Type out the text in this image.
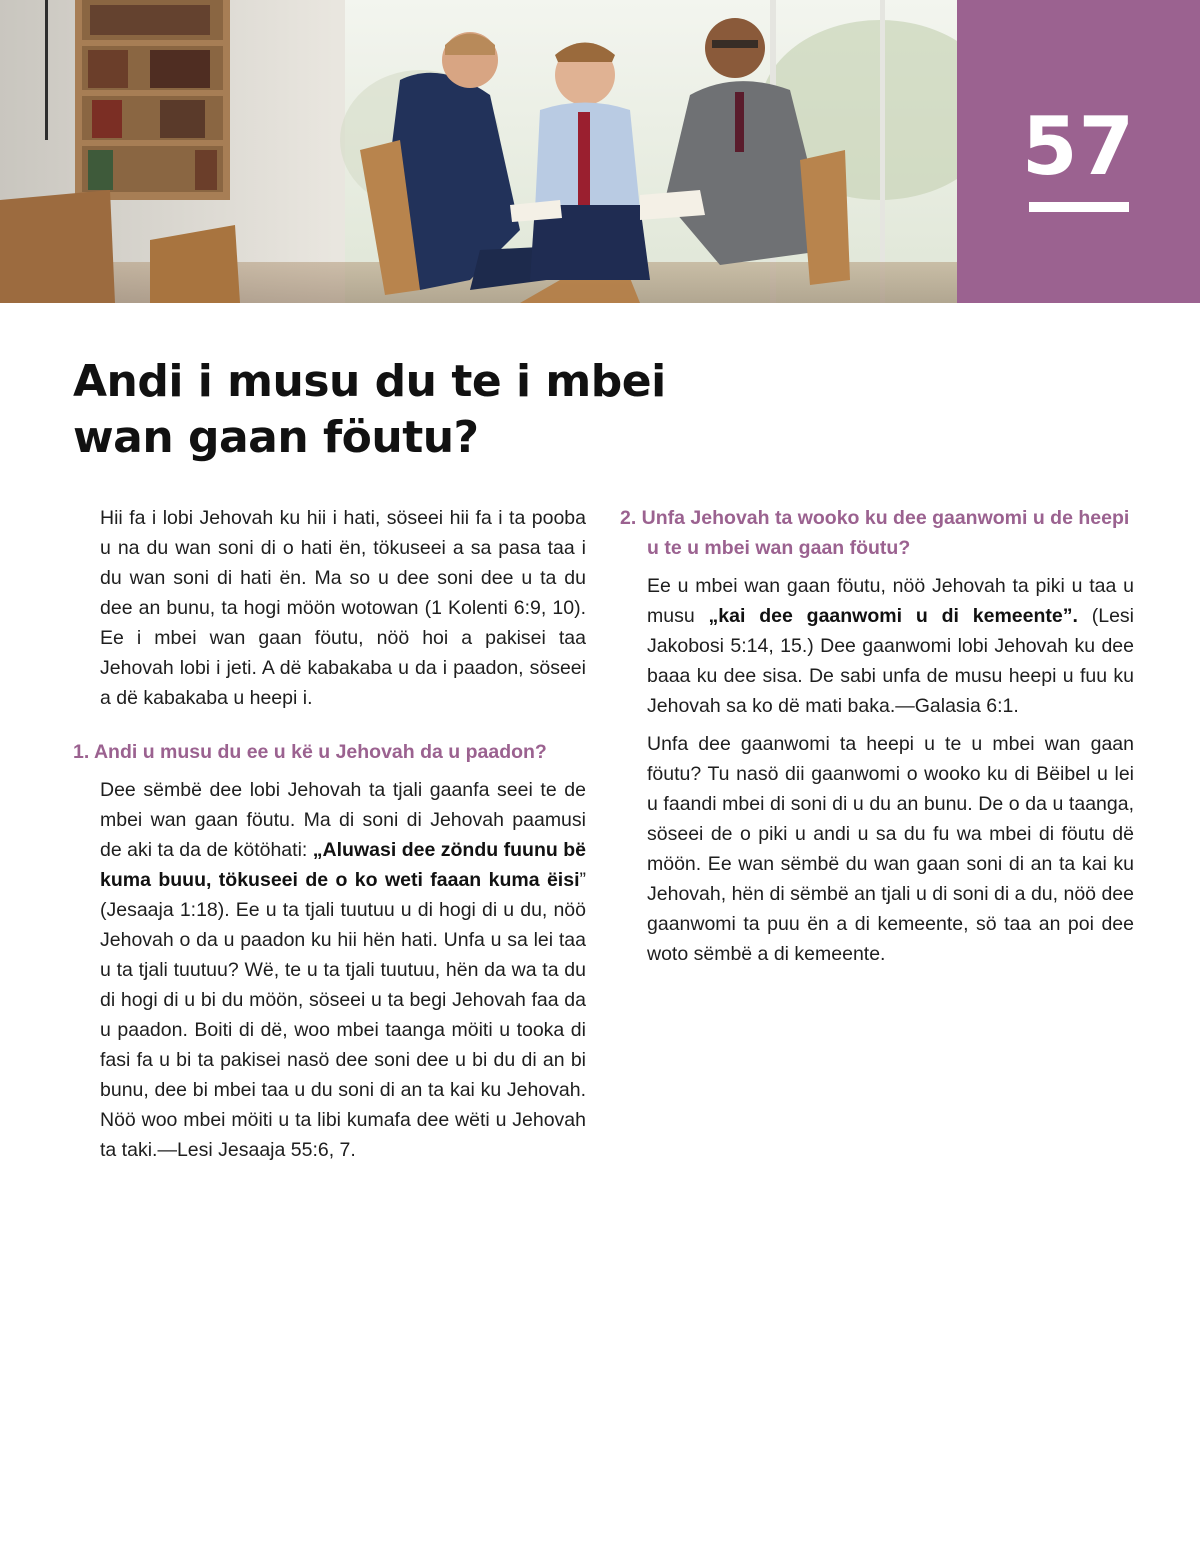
57
Andi i musu du te i mbei
wan gaan föutu?

Hii fa i lobi Jehovah ku hii i hati, söseei hii fa i ta pooba u na du wan soni di o hati ën, tökuseei a sa pasa taa i du wan soni di hati ën. Ma so u dee soni dee u ta du dee an bunu, ta hogi möön wotowan (1 Kolenti 6:9, 10). Ee i mbei wan gaan föutu, nöö hoi a pakisei taa Jehovah lobi i jeti. A dë kabakaba u da i paadon, söseei a dë kabakaba u heepi i.

1. Andi u musu du ee u kë u Jehovah da u paadon?

Dee sëmbë dee lobi Jehovah ta tjali gaanfa seei te de mbei wan gaan föutu. Ma di soni di Jehovah paamusi de aki ta da de kötöhati: „Aluwasi dee zöndu fuunu bë kuma buuu, tökuseei de o ko weti faaan kuma ëisi” (Jesaaja 1:18). Ee u ta tjali tuutuu u di hogi di u du, nöö Jehovah o da u paadon ku hii hën hati. Unfa u sa lei taa u ta tjali tuutuu? Wë, te u ta tjali tuutuu, hën da wa ta du di hogi di u bi du möön, söseei u ta begi Jehovah faa da u paadon. Boiti di dë, woo mbei taanga möiti u tooka di fasi fa u bi ta pakisei nasö dee soni dee u bi du di an bi bunu, dee bi mbei taa u du soni di an ta kai ku Jehovah. Nöö woo mbei möiti u ta libi kumafa dee wëti u Jehovah ta taki.—Lesi Jesaaja 55:6, 7.

2. Unfa Jehovah ta wooko ku dee gaanwomi u de heepi u te u mbei wan gaan föutu?

Ee u mbei wan gaan föutu, nöö Jehovah ta piki u taa u musu „kai dee gaanwomi u di kemeente”. (Lesi Jakobosi 5:14, 15.) Dee gaanwomi lobi Jehovah ku dee baaa ku dee sisa. De sabi unfa de musu heepi u fuu ku Jehovah sa ko dë mati baka.—Galasia 6:1.

Unfa dee gaanwomi ta heepi u te u mbei wan gaan föutu? Tu nasö dii gaanwomi o wooko ku di Bëibel u lei u faandi mbei di soni di u du an bunu. De o da u taanga, söseei de o piki u andi u sa du fu wa mbei di föutu dë möön. Ee wan sëmbë du wan gaan soni di an ta kai ku Jehovah, hën di sëmbë an tjali u di soni di a du, nöö dee gaanwomi ta puu ën a di kemeente, sö taa an poi dee woto sëmbë a di kemeente.
